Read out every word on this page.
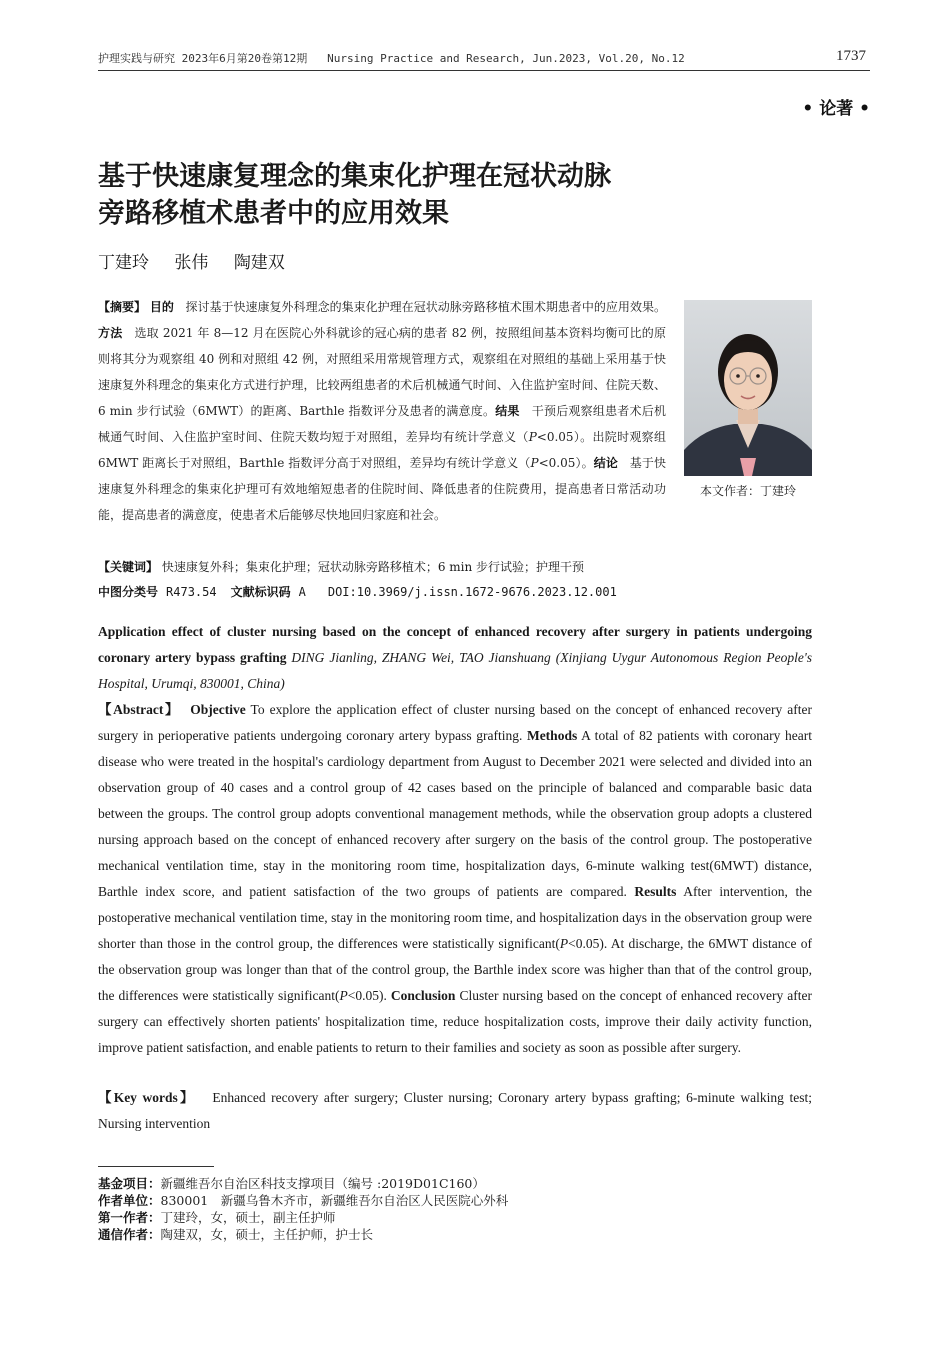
护理实践与研究 2023年6月第20卷第12期 Nursing Practice and Research, Jun.2023, Vol.20, No.12	1737
• 论著 •
基于快速康复理念的集束化护理在冠状动脉
旁路移植术患者中的应用效果
丁建玲 张伟 陶建双
【摘要】 目的 探讨基于快速康复外科理念的集束化护理在冠状动脉旁路移植术围术期患者中的应用效果。方法 选取 2021 年 8—12 月在医院心外科就诊的冠心病的患者 82 例，按照组间基本资料均衡可比的原则将其分为观察组 40 例和对照组 42 例，对照组采用常规管理方式，观察组在对照组的基础上采用基于快速康复外科理念的集束化方式进行护理，比较两组患者的术后机械通气时间、入住监护室时间、住院天数、6 min 步行试验（6MWT）的距离、Barthle 指数评分及患者的满意度。结果 干预后观察组患者术后机械通气时间、入住监护室时间、住院天数均短于对照组，差异均有统计学意义（P<0.05）。出院时观察组 6MWT 距离长于对照组，Barthle 指数评分高于对照组，差异均有统计学意义（P<0.05）。结论 基于快速康复外科理念的集束化护理可有效地缩短患者的住院时间、降低患者的住院费用，提高患者日常活动功能，提高患者的满意度，使患者术后能够尽快地回归家庭和社会。
【关键词】 快速康复外科；集束化护理；冠状动脉旁路移植术；6 min 步行试验；护理干预
中图分类号 R473.54 文献标识码 A DOI:10.3969/j.issn.1672-9676.2023.12.001
本文作者：丁建玲
Application effect of cluster nursing based on the concept of enhanced recovery after surgery in patients undergoing coronary artery bypass grafting DING Jianling, ZHANG Wei, TAO Jianshuang (Xinjiang Uygur Autonomous Region People's Hospital, Urumqi, 830001, China)
【Abstract】 Objective To explore the application effect of cluster nursing based on the concept of enhanced recovery after surgery in perioperative patients undergoing coronary artery bypass grafting. Methods A total of 82 patients with coronary heart disease who were treated in the hospital's cardiology department from August to December 2021 were selected and divided into an observation group of 40 cases and a control group of 42 cases based on the principle of balanced and comparable basic data between the groups. The control group adopts conventional management methods, while the observation group adopts a clustered nursing approach based on the concept of enhanced recovery after surgery on the basis of the control group. The postoperative mechanical ventilation time, stay in the monitoring room time, hospitalization days, 6-minute walking test(6MWT) distance, Barthle index score, and patient satisfaction of the two groups of patients are compared. Results After intervention, the postoperative mechanical ventilation time, stay in the monitoring room time, and hospitalization days in the observation group were shorter than those in the control group, the differences were statistically significant(P<0.05). At discharge, the 6MWT distance of the observation group was longer than that of the control group, the Barthle index score was higher than that of the control group, the differences were statistically significant(P<0.05). Conclusion Cluster nursing based on the concept of enhanced recovery after surgery can effectively shorten patients' hospitalization time, reduce hospitalization costs, improve their daily activity function, improve patient satisfaction, and enable patients to return to their families and society as soon as possible after surgery.
【Key words】 Enhanced recovery after surgery; Cluster nursing; Coronary artery bypass grafting; 6-minute walking test; Nursing intervention
基金项目：新疆维吾尔自治区科技支撑项目（编号 :2019D01C160）
作者单位：830001　新疆乌鲁木齐市，新疆维吾尔自治区人民医院心外科
第一作者：丁建玲，女，硕士，副主任护师
通信作者：陶建双，女，硕士，主任护师，护士长
